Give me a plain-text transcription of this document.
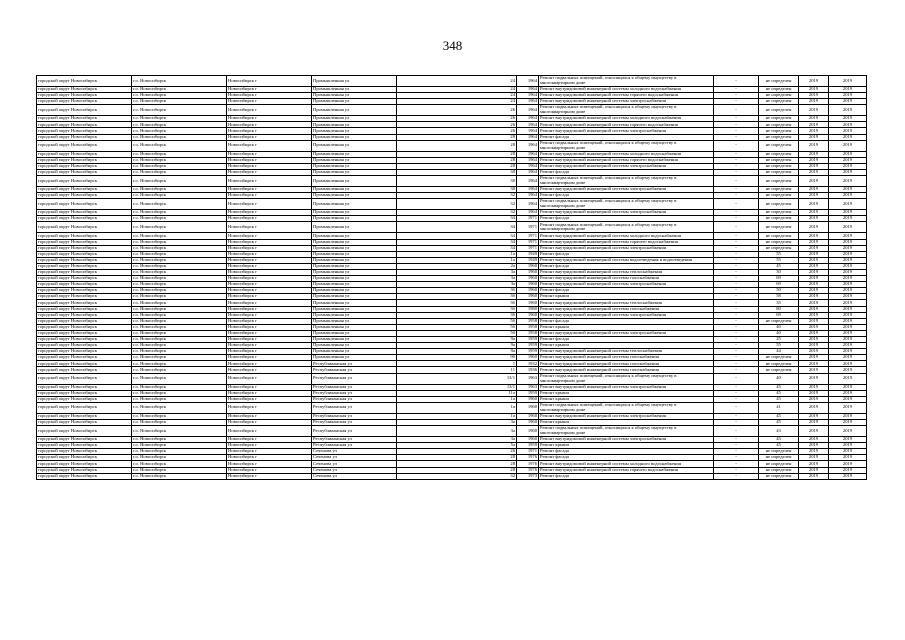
348
городской округ Новосибирск	г.о. Новосибирск	Новосибирск г	Промышленная ул	24	1964	Ремонт подвальных помещений, относящихся к общему имуществу в многоквартирном доме	-	не определен	2019	2019
городской округ Новосибирск	г.о. Новосибирск	Новосибирск г	Промышленная ул	24	1964	Ремонт внутридомовой инженерной системы холодного водоснабжения	-	не определен	2019	2019
городской округ Новосибирск	г.о. Новосибирск	Новосибирск г	Промышленная ул	24	1964	Ремонт внутридомовой инженерной системы горячего водоснабжения	-	не определен	2019	2019
городской округ Новосибирск	г.о. Новосибирск	Новосибирск г	Промышленная ул	24	1964	Ремонт внутридомовой инженерной системы электроснабжения	-	не определен	2019	2019
городской округ Новосибирск	г.о. Новосибирск	Новосибирск г	Промышленная ул	26	1964	Ремонт подвальных помещений, относящихся к общему имуществу в многоквартирном доме	-	не определен	2019	2019
городской округ Новосибирск	г.о. Новосибирск	Новосибирск г	Промышленная ул	26	1964	Ремонт внутридомовой инженерной системы холодного водоснабжения	-	не определен	2019	2019
городской округ Новосибирск	г.о. Новосибирск	Новосибирск г	Промышленная ул	26	1964	Ремонт внутридомовой инженерной системы горячего водоснабжения	-	не определен	2019	2019
городской округ Новосибирск	г.о. Новосибирск	Новосибирск г	Промышленная ул	26	1964	Ремонт внутридомовой инженерной системы электроснабжения	-	не определен	2019	2019
городской округ Новосибирск	г.о. Новосибирск	Новосибирск г	Промышленная ул	28	1964	Ремонт фасада	-	не определен	2019	2019
городской округ Новосибирск	г.о. Новосибирск	Новосибирск г	Промышленная ул	28	1964	Ремонт подвальных помещений, относящихся к общему имуществу в многоквартирном доме	-	не определен	2019	2019
городской округ Новосибирск	г.о. Новосибирск	Новосибирск г	Промышленная ул	28	1964	Ремонт внутридомовой инженерной системы холодного водоснабжения	-	не определен	2019	2019
городской округ Новосибирск	г.о. Новосибирск	Новосибирск г	Промышленная ул	28	1964	Ремонт внутридомовой инженерной системы горячего водоснабжения	-	не определен	2019	2019
городской округ Новосибирск	г.о. Новосибирск	Новосибирск г	Промышленная ул	28	1964	Ремонт внутридомовой инженерной системы электроснабжения	-	не определен	2019	2019
городской округ Новосибирск	г.о. Новосибирск	Новосибирск г	Промышленная ул	30	1964	Ремонт фасада	-	не определен	2019	2019
городской округ Новосибирск	г.о. Новосибирск	Новосибирск г	Промышленная ул	30	1964	Ремонт подвальных помещений, относящихся к общему имуществу в многоквартирном доме	-	не определен	2019	2019
городской округ Новосибирск	г.о. Новосибирск	Новосибирск г	Промышленная ул	30	1964	Ремонт внутридомовой инженерной системы электроснабжения	-	не определен	2019	2019
городской округ Новосибирск	г.о. Новосибирск	Новосибирск г	Промышленная ул	32	1964	Ремонт фасада	-	не определен	2019	2019
городской округ Новосибирск	г.о. Новосибирск	Новосибирск г	Промышленная ул	32	1964	Ремонт подвальных помещений, относящихся к общему имуществу в многоквартирном доме	-	не определен	2019	2019
городской округ Новосибирск	г.о. Новосибирск	Новосибирск г	Промышленная ул	32	1964	Ремонт внутридомовой инженерной системы электроснабжения	-	не определен	2019	2019
городской округ Новосибирск	г.о. Новосибирск	Новосибирск г	Промышленная ул	34	1971	Ремонт фасада	-	не определен	2019	2019
городской округ Новосибирск	г.о. Новосибирск	Новосибирск г	Промышленная ул	34	1971	Ремонт подвальных помещений, относящихся к общему имуществу в многоквартирном доме	-	не определен	2019	2019
городской округ Новосибирск	г.о. Новосибирск	Новосибирск г	Промышленная ул	34	1971	Ремонт внутридомовой инженерной системы холодного водоснабжения	-	не определен	2019	2019
городской округ Новосибирск	г.о. Новосибирск	Новосибирск г	Промышленная ул	34	1971	Ремонт внутридомовой инженерной системы горячего водоснабжения	-	не определен	2019	2019
городской округ Новосибирск	г.о. Новосибирск	Новосибирск г	Промышленная ул	34	1971	Ремонт внутридомовой инженерной системы электроснабжения	-	не определен	2019	2019
городской округ Новосибирск	г.о. Новосибирск	Новосибирск г	Промышленная ул	1а	1949	Ремонт фасада	-	55	2019	2019
городской округ Новосибирск	г.о. Новосибирск	Новосибирск г	Промышленная ул	1а	1949	Ремонт внутридомовой инженерной системы водоотведения и водоотведения	-	55	2019	2019
городской округ Новосибирск	г.о. Новосибирск	Новосибирск г	Промышленная ул	2а	1960	Ремонт фасада	-	45	2019	2019
городской округ Новосибирск	г.о. Новосибирск	Новосибирск г	Промышленная ул	3а	1960	Ремонт внутридомовой инженерной системы теплоснабжения	-	30	2019	2019
городской округ Новосибирск	г.о. Новосибирск	Новосибирск г	Промышленная ул	3а	1960	Ремонт внутридомовой инженерной системы газоснабжения	-	69	2019	2019
городской округ Новосибирск	г.о. Новосибирск	Новосибирск г	Промышленная ул	3а	1960	Ремонт внутридомовой инженерной системы электроснабжения	-	69	2019	2019
городской округ Новосибирск	г.о. Новосибирск	Новосибирск г	Промышленная ул	3б	1960	Ремонт фасада	-	50	2019	2019
городской округ Новосибирск	г.о. Новосибирск	Новосибирск г	Промышленная ул	3б	1960	Ремонт крыши	-	58	2019	2019
городской округ Новосибирск	г.о. Новосибирск	Новосибирск г	Промышленная ул	3б	1960	Ремонт внутридомовой инженерной системы теплоснабжения	-	35	2019	2019
городской округ Новосибирск	г.о. Новосибирск	Новосибирск г	Промышленная ул	3б	1980	Ремонт внутридомовой инженерной системы газоснабжения	-	80	2019	2019
городской округ Новосибирск	г.о. Новосибирск	Новосибирск г	Промышленная ул	3б	1960	Ремонт внутридомовой инженерной системы электроснабжения	-	69	2019	2019
городской округ Новосибирск	г.о. Новосибирск	Новосибирск г	Промышленная ул	5б	1958	Ремонт фасада	-	не определен	2019	2019
городской округ Новосибирск	г.о. Новосибирск	Новосибирск г	Промышленная ул	5б	1958	Ремонт крыши	-	40	2019	2019
городской округ Новосибирск	г.о. Новосибирск	Новосибирск г	Промышленная ул	5б	1958	Ремонт внутридомовой инженерной системы электроснабжения	-	40	2019	2019
городской округ Новосибирск	г.о. Новосибирск	Новосибирск г	Промышленная ул	9а	1959	Ремонт фасада	-	25	2019	2019
городской округ Новосибирск	г.о. Новосибирск	Новосибирск г	Промышленная ул	9а	1959	Ремонт крыши	-	55	2019	2019
городской округ Новосибирск	г.о. Новосибирск	Новосибирск г	Промышленная ул	9а	1959	Ремонт внутридомовой инженерной системы теплоснабжения	-	44	2019	2019
городской округ Новосибирск	г.о. Новосибирск	Новосибирск г	Промышленная ул	9б	1960	Ремонт внутридомовой инженерной системы газоснабжения	-	не определен	2019	2019
городской округ Новосибирск	г.о. Новосибирск	Новосибирск г	Республиканская ул	1	1932	Ремонт внутридомовой инженерной системы газоснабжения	-	не определен	2019	2019
городской округ Новосибирск	г.о. Новосибирск	Новосибирск г	Республиканская ул	11	1936	Ремонт внутридомовой инженерной системы газоснабжения	-	не определен	2019	2019
городской округ Новосибирск	г.о. Новосибирск	Новосибирск г	Республиканская ул	13/1	1963	Ремонт подвальных помещений, относящихся к общему имуществу в многоквартирном доме	-	40	2019	2019
городской округ Новосибирск	г.о. Новосибирск	Новосибирск г	Республиканская ул	13/1	1963	Ремонт внутридомовой инженерной системы электроснабжения	-	45	2019	2019
городской округ Новосибирск	г.о. Новосибирск	Новосибирск г	Республиканская ул	11а	1959	Ремонт крыши	-	45	2019	2019
городской округ Новосибирск	г.о. Новосибирск	Новосибирск г	Республиканская ул	1а	1960	Ремонт крыши	-	45	2019	2019
городской округ Новосибирск	г.о. Новосибирск	Новосибирск г	Республиканская ул	1а	1960	Ремонт подвальных помещений, относящихся к общему имуществу в многоквартирном доме	-	41	2019	2019
городской округ Новосибирск	г.о. Новосибирск	Новосибирск г	Республиканская ул	1а	1960	Ремонт внутридомовой инженерной системы электроснабжения	-	45	2019	2019
городской округ Новосибирск	г.о. Новосибирск	Новосибирск г	Республиканская ул	3а	1960	Ремонт крыши	-	45	2019	2019
городской округ Новосибирск	г.о. Новосибирск	Новосибирск г	Республиканская ул	3а	1960	Ремонт подвальных помещений, относящихся к общему имуществу в многоквартирном доме	-	43	2019	2019
городской округ Новосибирск	г.о. Новосибирск	Новосибирск г	Республиканская ул	3а	1960	Ремонт внутридомовой инженерной системы электроснабжения	-	45	2019	2019
городской округ Новосибирск	г.о. Новосибирск	Новосибирск г	Республиканская ул	5а	1959	Ремонт крыши	-	45	2019	2019
городской округ Новосибирск	г.о. Новосибирск	Новосибирск г	Сеченова ул	26	1971	Ремонт фасада	-	не определен	2019	2019
городской округ Новосибирск	г.о. Новосибирск	Новосибирск г	Сеченова ул	28	1976	Ремонт фасада	-	не определен	2019	2019
городской округ Новосибирск	г.о. Новосибирск	Новосибирск г	Сеченова ул	28	1976	Ремонт внутридомовой инженерной системы холодного водоснабжения	-	не определен	2019	2019
городской округ Новосибирск	г.о. Новосибирск	Новосибирск г	Сеченова ул	28	1976	Ремонт внутридомовой инженерной системы горячего водоснабжения	-	не определен	2019	2019
городской округ Новосибирск	г.о. Новосибирск	Новосибирск г	Сеченова ул	32	1973	Ремонт фасада	-	не определен	2019	2019
